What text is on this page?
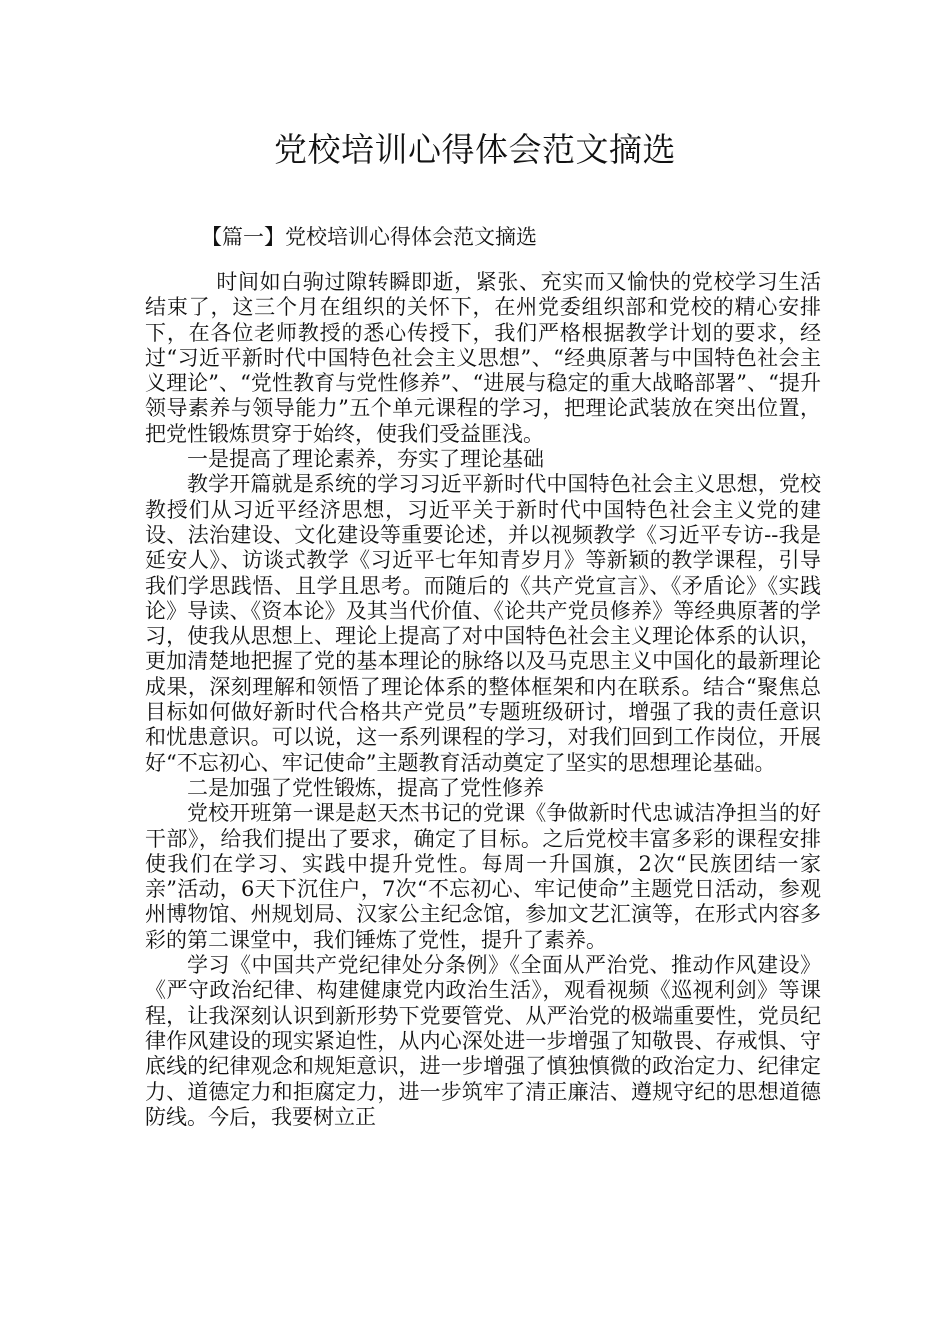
党校培训心得体会范文摘选
【篇一】党校培训心得体会范文摘选

时间如白驹过隙转瞬即逝，紧张、充实而又愉快的党校学习生活结束了，这三个月在组织的关怀下，在州党委组织部和党校的精心安排下，在各位老师教授的悉心传授下，我们严格根据教学计划的要求，经过“习近平新时代中国特色社会主义思想”、“经典原著与中国特色社会主义理论”、“党性教育与党性修养”、“进展与稳定的重大战略部署”、“提升领导素养与领导能力”五个单元课程的学习，把理论武装放在突出位置，把党性锻炼贯穿于始终，使我们受益匪浅。

一是提高了理论素养，夯实了理论基础

教学开篇就是系统的学习习近平新时代中国特色社会主义思想，党校教授们从习近平经济思想，习近平关于新时代中国特色社会主义党的建设、法治建设、文化建设等重要论述，并以视频教学《习近平专访--我是延安人》、访谈式教学《习近平七年知青岁月》等新颖的教学课程，引导我们学思践悟、且学且思考。而随后的《共产党宣言》、《矛盾论》《实践论》导读、《资本论》及其当代价值、《论共产党员修养》等经典原著的学习，使我从思想上、理论上提高了对中国特色社会主义理论体系的认识，更加清楚地把握了党的基本理论的脉络以及马克思主义中国化的最新理论成果，深刻理解和领悟了理论体系的整体框架和内在联系。结合“聚焦总目标如何做好新时代合格共产党员”专题班级研讨，增强了我的责任意识和忧患意识。可以说，这一系列课程的学习，对我们回到工作岗位，开展好“不忘初心、牢记使命”主题教育活动奠定了坚实的思想理论基础。

二是加强了党性锻炼，提高了党性修养

党校开班第一课是赵天杰书记的党课《争做新时代忠诚洁净担当的好干部》，给我们提出了要求，确定了目标。之后党校丰富多彩的课程安排使我们在学习、实践中提升党性。每周一升国旗，2次“民族团结一家亲”活动，6天下沉住户，7次“不忘初心、牢记使命”主题党日活动，参观州博物馆、州规划局、汉家公主纪念馆，参加文艺汇演等，在形式内容多彩的第二课堂中，我们锤炼了党性，提升了素养。

学习《中国共产党纪律处分条例》《全面从严治党、推动作风建设》《严守政治纪律、构建健康党内政治生活》，观看视频《巡视利剑》等课程，让我深刻认识到新形势下党要管党、从严治党的极端重要性，党员纪律作风建设的现实紧迫性，从内心深处进一步增强了知敬畏、存戒惧、守底线的纪律观念和规矩意识，进一步增强了慎独慎微的政治定力、纪律定力、道德定力和拒腐定力，进一步筑牢了清正廉洁、遵规守纪的思想道德防线。今后，我要树立正
